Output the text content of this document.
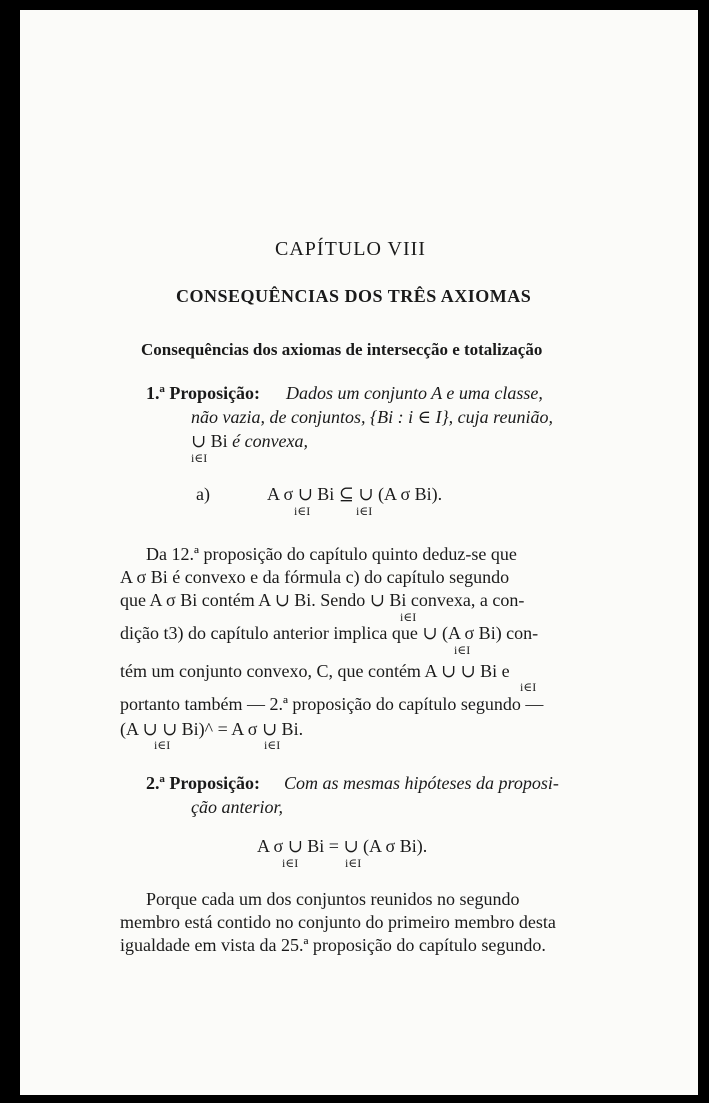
CAPÍTULO VIII
CONSEQUÊNCIAS DOS TRÊS AXIOMAS
Consequências dos axiomas de intersecção e totalização
1.ª Proposição: Dados um conjunto A e uma classe,
não vazia, de conjuntos, {Bi : i ∈ I}, cuja reunião,
∪ Bi é convexa,
i∈I
a)	A σ ∪ Bi ⊆ ∪ (A σ Bi).
i∈I	i∈I
Da 12.ª proposição do capítulo quinto deduz-se que
A σ Bi é convexo e da fórmula c) do capítulo segundo
que A σ Bi contém A ∪ Bi. Sendo ∪ Bi convexa, a con-
i∈I
dição t3) do capítulo anterior implica que ∪ (A σ Bi) con-
i∈I
tém um conjunto convexo, C, que contém A ∪ ∪ Bi e
i∈I
portanto também — 2.ª proposição do capítulo segundo —
(A ∪ ∪ Bi)^ = A σ ∪ Bi.
i∈I	i∈I
2.ª Proposição: Com as mesmas hipóteses da proposi-
ção anterior,
A σ ∪ Bi = ∪ (A σ Bi).
i∈I	i∈I
Porque cada um dos conjuntos reunidos no segundo
membro está contido no conjunto do primeiro membro desta
igualdade em vista da 25.ª proposição do capítulo segundo.
